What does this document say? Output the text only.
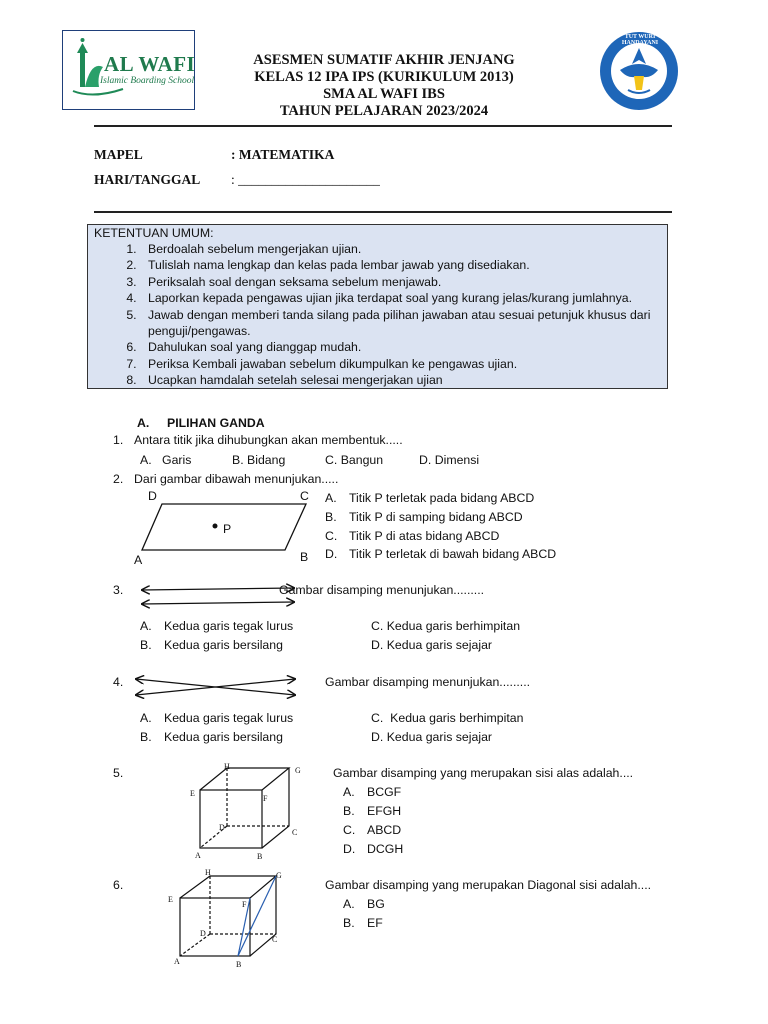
AL WAFI
Islamic Boarding School
ASESMEN SUMATIF AKHIR JENJANG
KELAS 12 IPA IPS (KURIKULUM 2013)
SMA AL WAFI IBS
TAHUN PELAJARAN 2023/2024
TUT WURI HANDAYANI
MAPEL	: MATEMATIKA
HARI/TANGGAL : _____________________
KETENTUAN UMUM:
1. Berdoalah sebelum mengerjakan ujian.
2. Tulislah nama lengkap dan kelas pada lembar jawab yang disediakan.
3. Periksalah soal dengan seksama sebelum menjawab.
4. Laporkan kepada pengawas ujian jika terdapat soal yang kurang jelas/kurang jumlahnya.
5. Jawab dengan memberi tanda silang pada pilihan jawaban atau sesuai petunjuk khusus dari penguji/pengawas.
6. Dahulukan soal yang dianggap mudah.
7. Periksa Kembali jawaban sebelum dikumpulkan ke pengawas ujian.
8. Ucapkan hamdalah setelah selesai mengerjakan ujian
A. PILIHAN GANDA
1. Antara titik jika dihubungkan akan membentuk.....
A. Garis	B. Bidang	C. Bangun	D. Dimensi
2. Dari gambar dibawah menunjukan.....
D	C
P
A	B
A. Titik P terletak pada bidang ABCD
B. Titik P di samping bidang ABCD
C. Titik P di atas bidang ABCD
D. Titik P terletak di bawah bidang ABCD
3.	Gambar disamping menunjukan.........
A. Kedua garis tegak lurus	C. Kedua garis berhimpitan
B. Kedua garis bersilang	D. Kedua garis sejajar
4.	Gambar disamping menunjukan.........
A. Kedua garis tegak lurus	C. Kedua garis berhimpitan
B. Kedua garis bersilang	D. Kedua garis sejajar
5.	H	G
E
F
D
C
A	B
Gambar disamping yang merupakan sisi alas adalah....
A. BCGF
B. EFGH
C. ABCD
D. DCGH
6.
H	G
E
F
D
C
A	B
Gambar disamping yang merupakan Diagonal sisi adalah....
A. BG
B. EF
